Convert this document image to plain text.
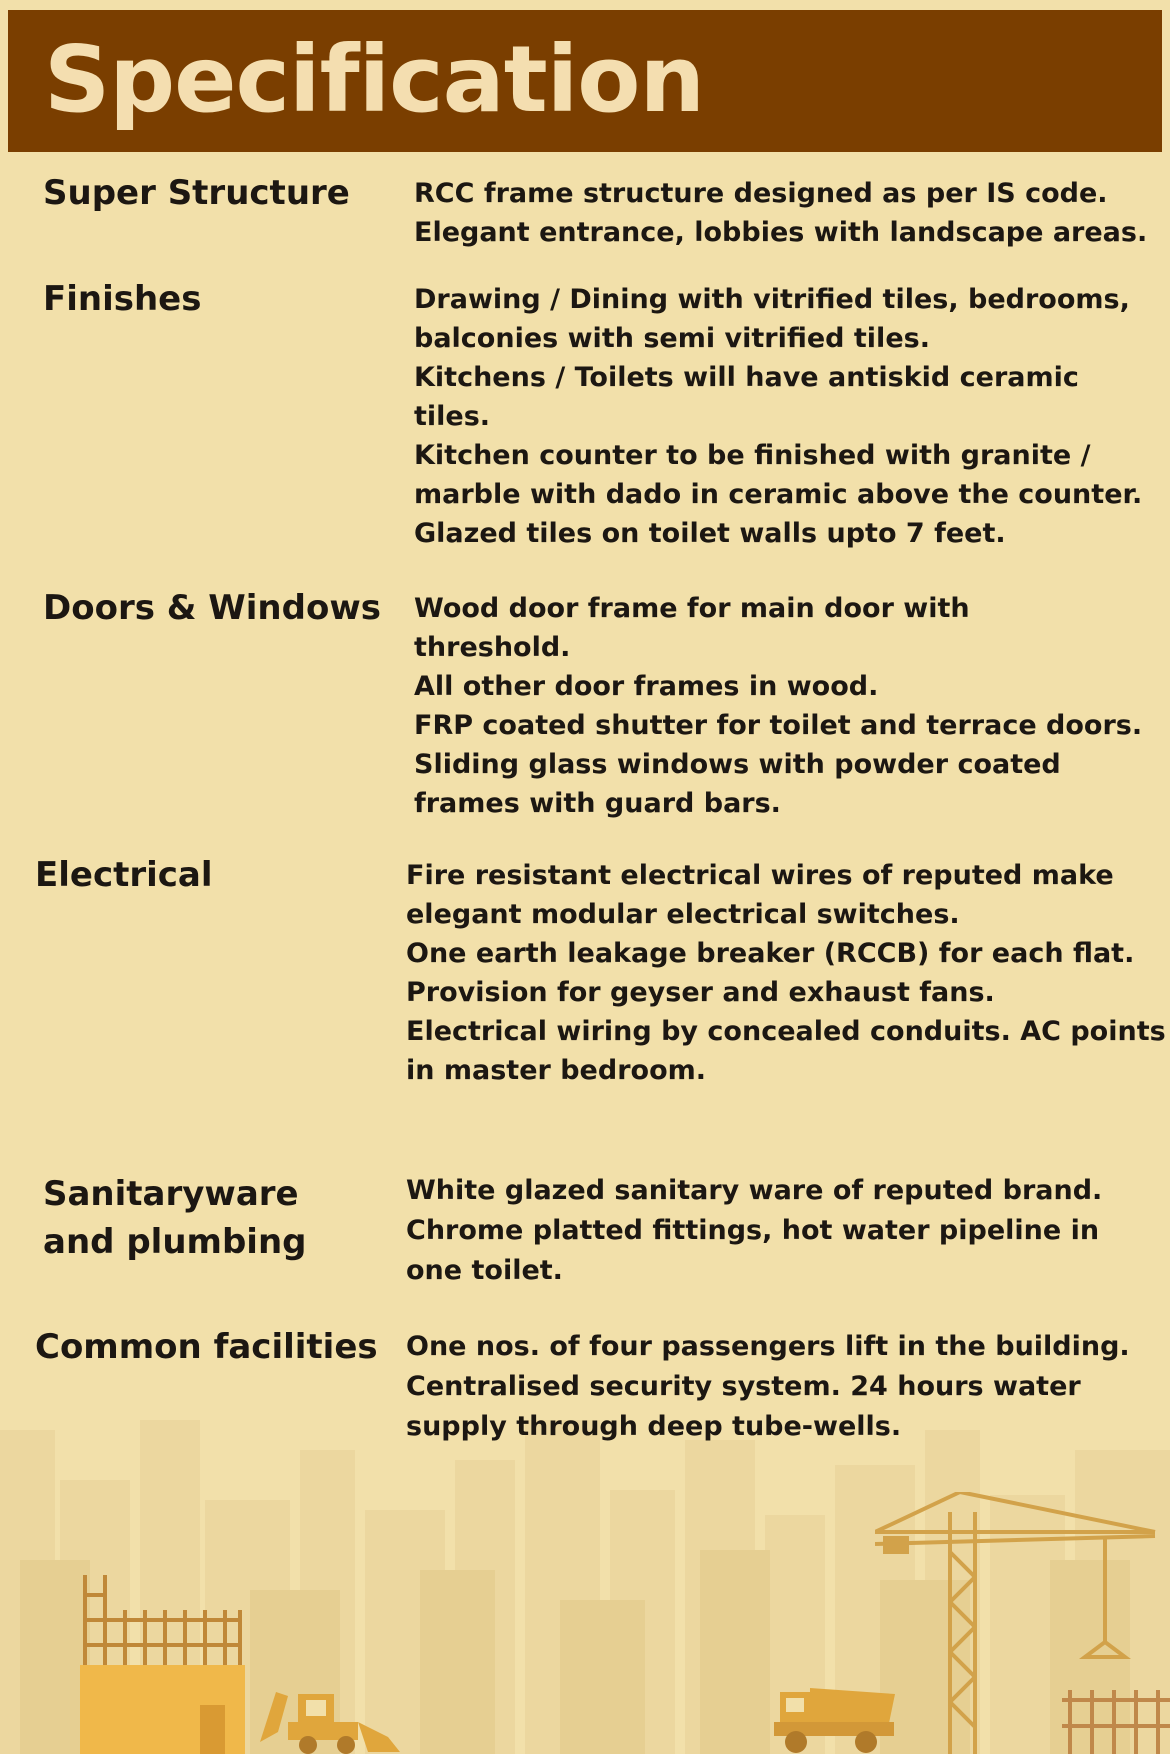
Specification
Super Structure RCC frame structure designed as per IS code.
Elegant entrance, lobbies with landscape areas.
Finishes	Drawing / Dining with vitrified tiles, bedrooms,
balconies with semi vitrified tiles.
Kitchens / Toilets will have antiskid ceramic
tiles.
Kitchen counter to be finished with granite /
marble with dado in ceramic above the counter.
Glazed tiles on toilet walls upto 7 feet.
Doors & Windows Wood door frame for main door with
threshold.
All other door frames in wood.
FRP coated shutter for toilet and terrace doors.
Sliding glass windows with powder coated
frames with guard bars.
Electrical	Fire resistant electrical wires of reputed make
elegant modular electrical switches.
One earth leakage breaker (RCCB) for each flat.
Provision for geyser and exhaust fans.
Electrical wiring by concealed conduits. AC points
in master bedroom.
Sanitaryware
and plumbing
White glazed sanitary ware of reputed brand.
Chrome platted fittings, hot water pipeline in
one toilet.
Common facilities One nos. of four passengers lift in the building.
Centralised security system. 24 hours water
supply through deep tube-wells.
